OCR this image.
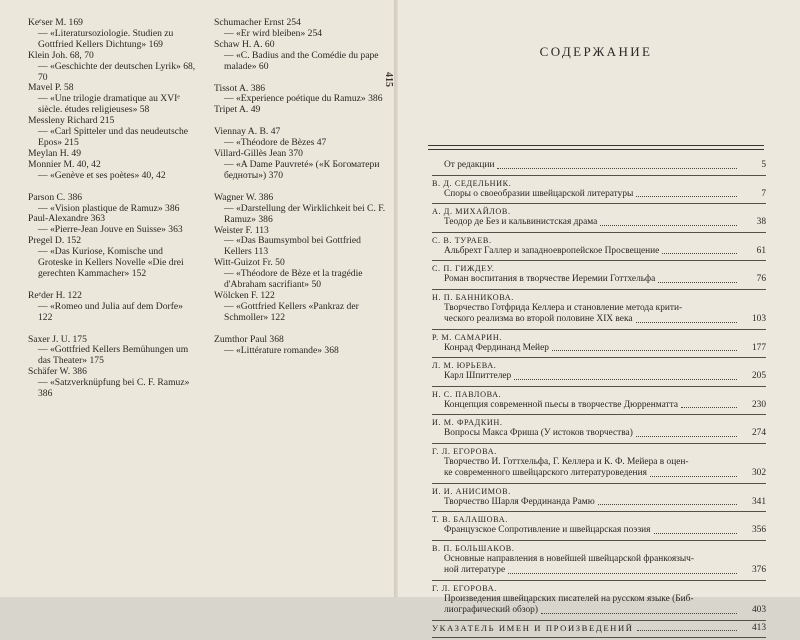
Keᵉser M. 169
— «Literatursoziologie. Studien zu Gottfried Kellers Dichtung» 169
Klein Joh. 68, 70
— «Geschichte der deutschen Lyrik» 68, 70
Mavel P. 58
— «Une trilogie dramatique au XVIᵉ siècle. études religieuses» 58
Messleny Richard 215
— «Carl Spitteler und das neudeutsche Epos» 215
Meylan H. 49
Monnier M. 40, 42
— «Genève et ses poètes» 40, 42
Parson C. 386
— «Vision plastique de Ramuz» 386
Paul-Alexandre 363
— «Pierre-Jean Jouve en Suisse» 363
Pregel D. 152
— «Das Kuriose, Komische und Groteske in Kellers Novelle «Die drei gerechten Kammacher» 152
Reᵉder H. 122
— «Romeo und Julia auf dem Dorfe» 122
Saxer J. U. 175
— «Gottfried Kellers Bemühungen um das Theater» 175
Schäfer W. 386
— «Satzverknüpfung bei C. F. Ramuz» 386
Schumacher Ernst 254
— «Er wird bleiben» 254
Schaw H. A. 60
— «C. Badius and the Comédie du pape malade» 60
Tissot A. 386
— «Experience poétique du Ramuz» 386
Tripet A. 49
Viennay A. B. 47
— «Théodore de Bèzes 47
Villard-Gillès Jean 370
— «A Dame Pauvreté» («К Богоматери бедноты») 370
Wagner W. 386
— «Darstellung der Wirklichkeit bei C. F. Ramuz» 386
Weister F. 113
— «Das Baumsymbol bei Gottfried Kellers 113
Witt-Guizot Fr. 50
— «Théodore de Bèze et la tragédie d'Abraham sacrifiant» 50
Wölcken F. 122
— «Gottfried Kellers «Pankraz der Schmoller» 122
Zumthor Paul 368
— «Littérature romande» 368
415
СОДЕРЖАНИЕ
От редакции	5
В. Д. СЕДЕЛЬНИК.
Споры о своеобразии швейцарской литературы	7
А. Д. МИХАЙЛОВ.
Теодор де Без и кальвинистская драма	38
С. В. ТУРАЕВ.
Альбрехт Галлер и западноевропейское Просвещение	61
С. П. ГИЖДЕУ.
Роман воспитания в творчестве Иеремии Готтхельфа	76
Н. П. БАННИКОВА.
Творчество Готфрида Келлера и становление метода крити-
ческого реализма во второй половине XIX века	103
Р. М. САМАРИН.
Конрад Фердинанд Мейер	177
Л. М. ЮРЬЕВА.
Карл Шпиттелер	205
Н. С. ПАВЛОВА.
Концепция современной пьесы в творчестве Дюрренматта	230
И. М. ФРАДКИН.
Вопросы Макса Фриша (У истоков творчества)	274
Г. Л. ЕГОРОВА.
Творчество И. Готтхельфа, Г. Келлера и К. Ф. Мейера в оцен-
ке современного швейцарского литературоведения	302
И. И. АНИСИМОВ.
Творчество Шарля Фердинанда Рамю	341
Т. В. БАЛАШОВА.
Французское Сопротивление и швейцарская поэзия	356
В. П. БОЛЬШАКОВ.
Основные направления в новейшей швейцарской франкоязыч-
ной литературе	376
Г. Л. ЕГОРОВА.
Произведения швейцарских писателей на русском языке (Биб-
лиографический обзор)	403
УКАЗАТЕЛЬ ИМЕН И ПРОИЗВЕДЕНИЙ	413
